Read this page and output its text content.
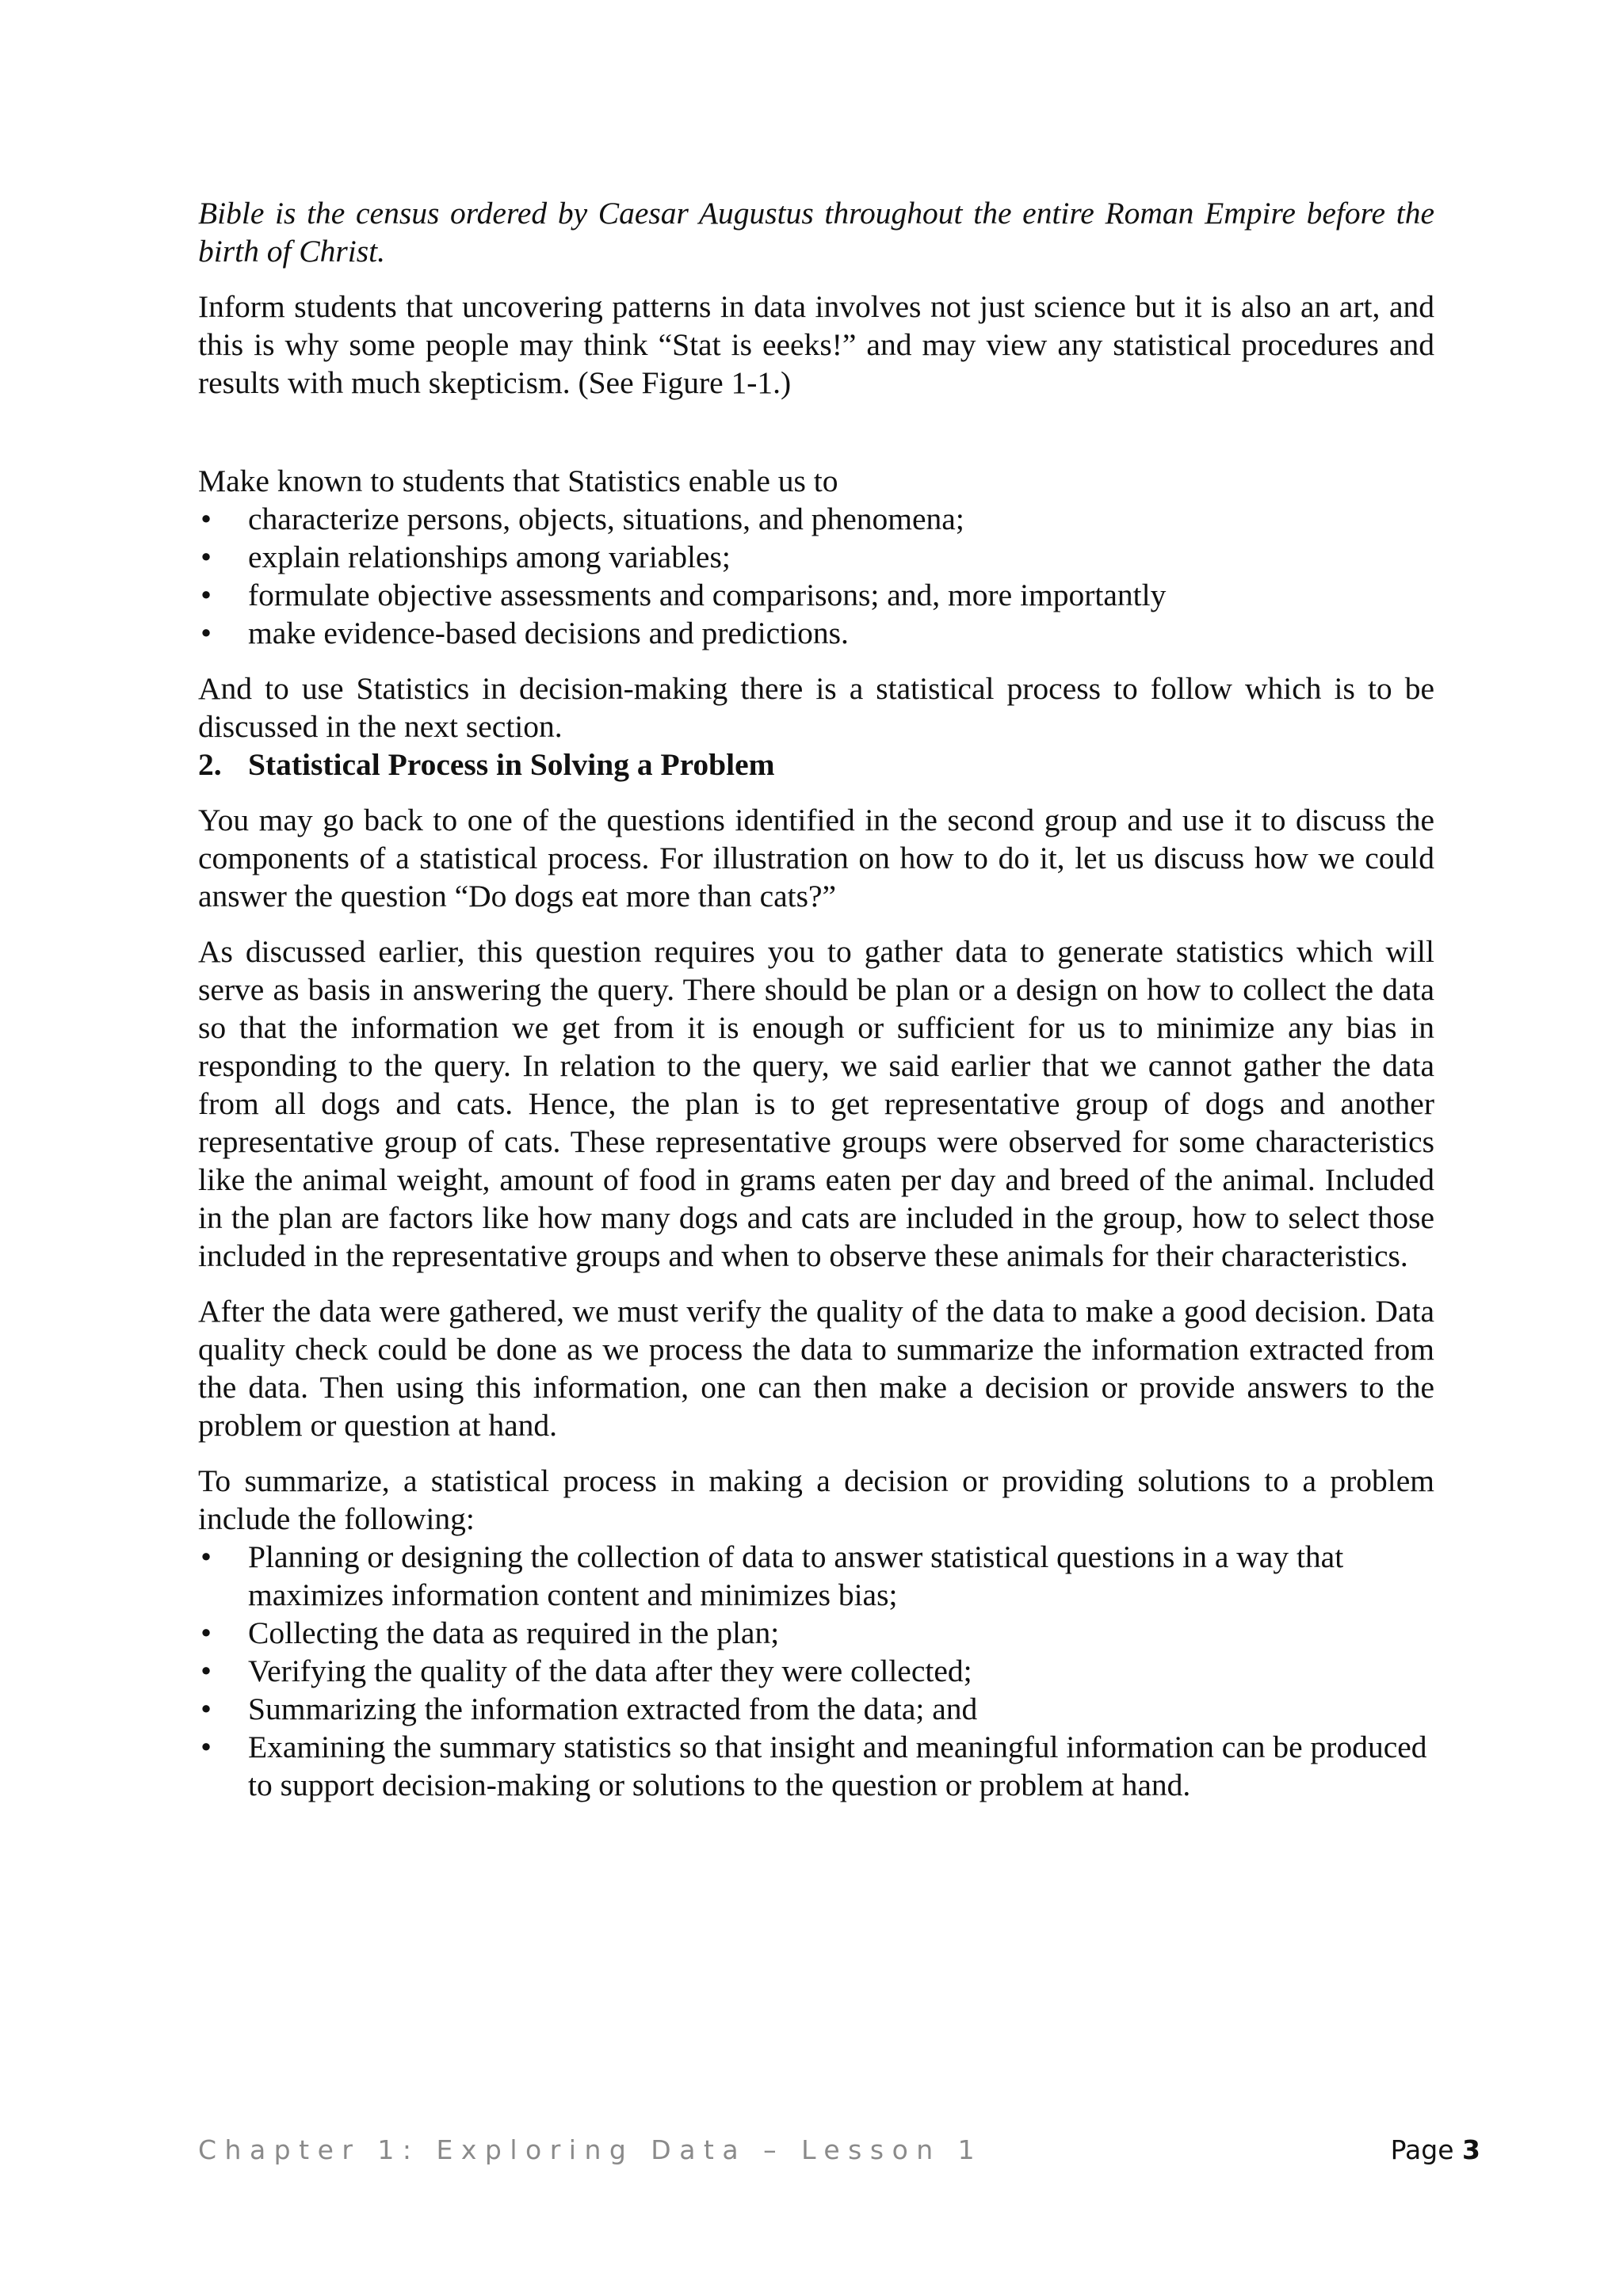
Bible is the census ordered by Caesar Augustus throughout the entire Roman Empire before the birth of Christ.

Inform students that uncovering patterns in data involves not just science but it is also an art, and this is why some people may think “Stat is eeeks!” and may view any statistical procedures and results with much skepticism. (See Figure 1-1.)

Make known to students that Statistics enable us to

• characterize persons, objects, situations, and phenomena;
• explain relationships among variables;
• formulate objective assessments and comparisons; and, more importantly
• make evidence-based decisions and predictions.

And to use Statistics in decision-making there is a statistical process to follow which is to be discussed in the next section.

2. Statistical Process in Solving a Problem

You may go back to one of the questions identified in the second group and use it to discuss the components of a statistical process. For illustration on how to do it, let us discuss how we could answer the question “Do dogs eat more than cats?”

As discussed earlier, this question requires you to gather data to generate statistics which will serve as basis in answering the query. There should be plan or a design on how to collect the data so that the information we get from it is enough or sufficient for us to minimize any bias in responding to the query. In relation to the query, we said earlier that we cannot gather the data from all dogs and cats. Hence, the plan is to get representative group of dogs and another representative group of cats. These representative groups were observed for some characteristics like the animal weight, amount of food in grams eaten per day and breed of the animal. Included in the plan are factors like how many dogs and cats are included in the group, how to select those included in the representative groups and when to observe these animals for their characteristics.

After the data were gathered, we must verify the quality of the data to make a good decision. Data quality check could be done as we process the data to summarize the information extracted from the data. Then using this information, one can then make a decision or provide answers to the problem or question at hand.

To summarize, a statistical process in making a decision or providing solutions to a problem include the following:

• Planning or designing the collection of data to answer statistical questions in a way that maximizes information content and minimizes bias;
• Collecting the data as required in the plan;
• Verifying the quality of the data after they were collected;
• Summarizing the information extracted from the data; and
• Examining the summary statistics so that insight and meaningful information can be produced to support decision-making or solutions to the question or problem at hand.
Chapter 1: Exploring Data – Lesson 1	Page 3
